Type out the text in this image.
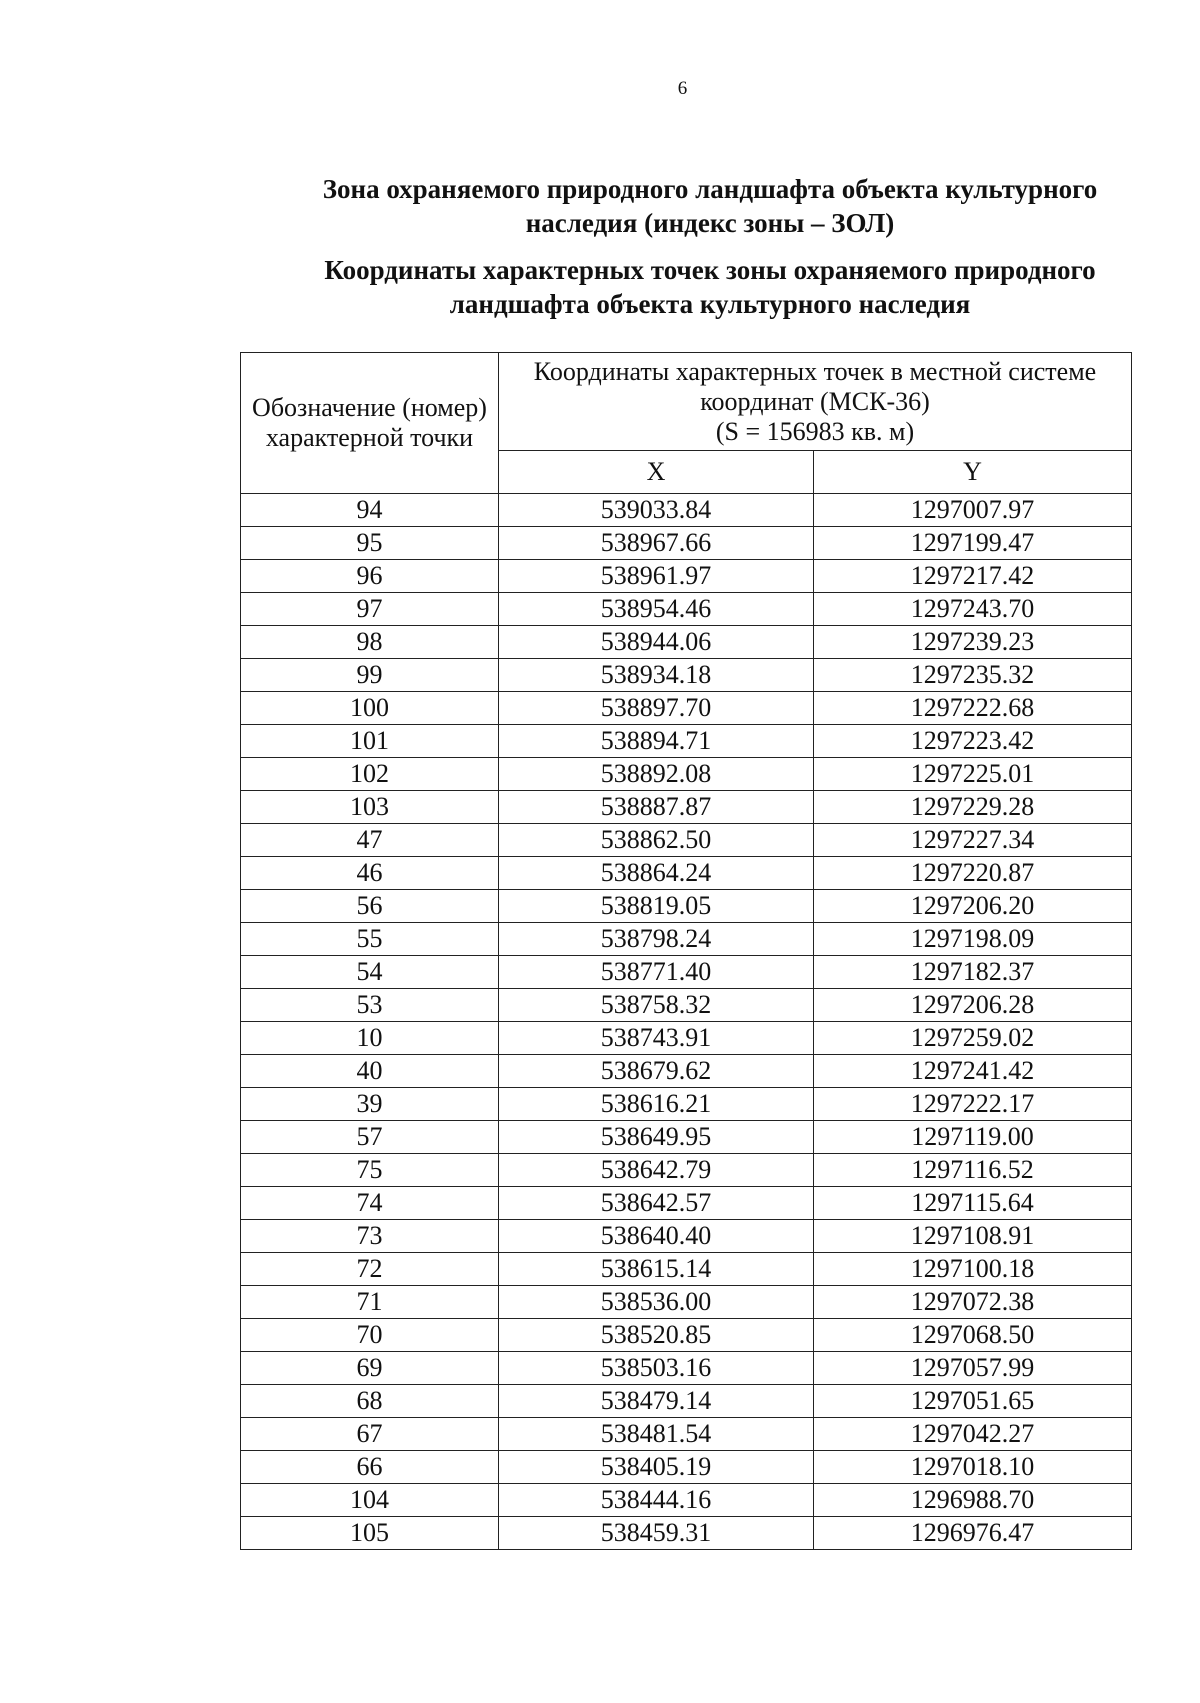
6
Зона охраняемого природного ландшафта объекта культурного наследия (индекс зоны – ЗОЛ)
Координаты характерных точек зоны охраняемого природного ландшафта объекта культурного наследия
Обозначение (номер) характерной точки	Координаты характерных точек в местной системе координат (МСК-36)
(S = 156983 кв. м)	

	X	Y
94	539033.84	1297007.97
95	538967.66	1297199.47
96	538961.97	1297217.42
97	538954.46	1297243.70
98	538944.06	1297239.23
99	538934.18	1297235.32
100	538897.70	1297222.68
101	538894.71	1297223.42
102	538892.08	1297225.01
103	538887.87	1297229.28
47	538862.50	1297227.34
46	538864.24	1297220.87
56	538819.05	1297206.20
55	538798.24	1297198.09
54	538771.40	1297182.37
53	538758.32	1297206.28
10	538743.91	1297259.02
40	538679.62	1297241.42
39	538616.21	1297222.17
57	538649.95	1297119.00
75	538642.79	1297116.52
74	538642.57	1297115.64
73	538640.40	1297108.91
72	538615.14	1297100.18
71	538536.00	1297072.38
70	538520.85	1297068.50
69	538503.16	1297057.99
68	538479.14	1297051.65
67	538481.54	1297042.27
66	538405.19	1297018.10
104	538444.16	1296988.70
105	538459.31	1296976.47
